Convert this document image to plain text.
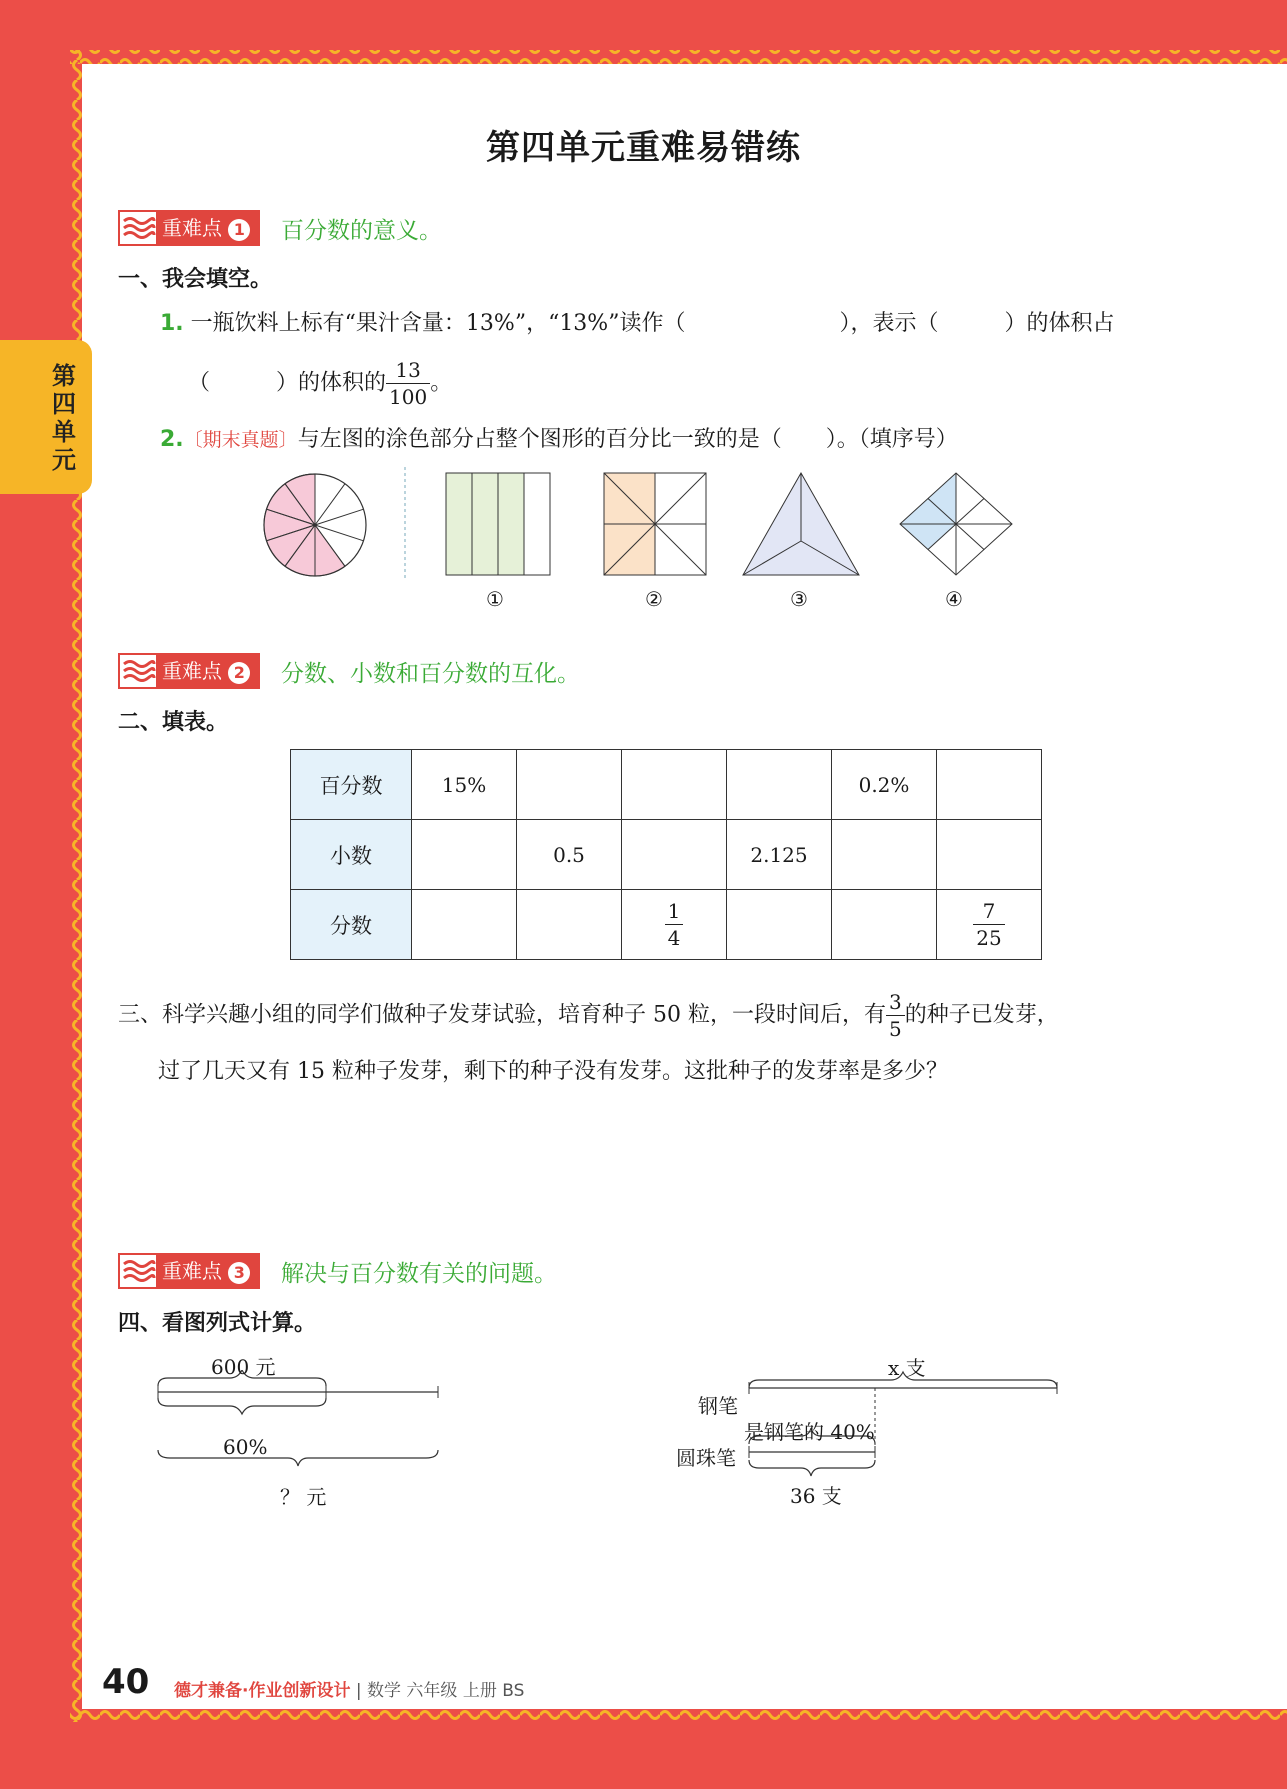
第四单元
第四单元重难易错练
重难点 1	百分数的意义。
一、我会填空。
1. 一瓶饮料上标有“果汁含量：13%”，“13%”读作（　　　　　　　），表示（　　　）的体积占
（　　　）的体积的 $\frac{13}{100}$ 。
2.〔期末真题〕与左图的涂色部分占整个图形的百分比一致的是（　　）。（填序号）
①	②	③	④
重难点 2	分数、小数和百分数的互化。
二、填表。
百分数	15%				0.2%	
小数		0.5		2.125		
分数			$\frac{1}{4}$			$\frac{7}{25}$
三、科学兴趣小组的同学们做种子发芽试验，培育种子 50 粒，一段时间后，有 $\frac{3}{5}$ 的种子已发芽，
过了几天又有 15 粒种子发芽，剩下的种子没有发芽。这批种子的发芽率是多少？
重难点 3	解决与百分数有关的问题。
四、看图列式计算。
600 元
60%
？ 元
x 支
钢笔
是钢笔的 40%
圆珠笔
36 支
40 德才兼备·作业创新设计 | 数学 六年级 上册 BS
